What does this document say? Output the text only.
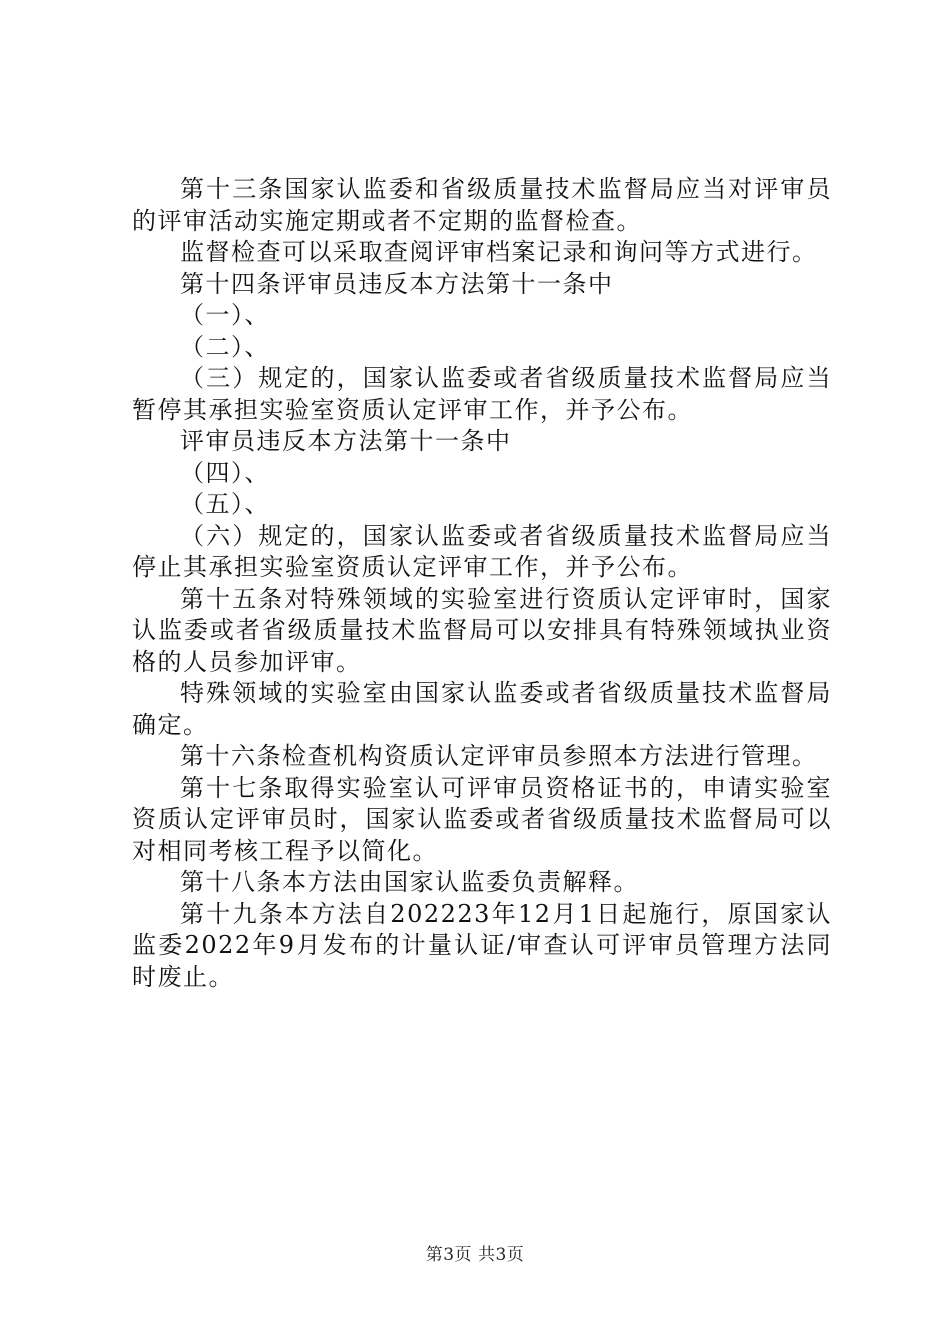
第十三条国家认监委和省级质量技术监督局应当对评审员的评审活动实施定期或者不定期的监督检查。

监督检查可以采取查阅评审档案记录和询问等方式进行。

第十四条评审员违反本方法第十一条中

（一）、

（二）、

（三）规定的，国家认监委或者省级质量技术监督局应当暂停其承担实验室资质认定评审工作，并予公布。

评审员违反本方法第十一条中

（四）、

（五）、

（六）规定的，国家认监委或者省级质量技术监督局应当停止其承担实验室资质认定评审工作，并予公布。

第十五条对特殊领域的实验室进行资质认定评审时，国家认监委或者省级质量技术监督局可以安排具有特殊领域执业资格的人员参加评审。

特殊领域的实验室由国家认监委或者省级质量技术监督局确定。

第十六条检查机构资质认定评审员参照本方法进行管理。

第十七条取得实验室认可评审员资格证书的，申请实验室资质认定评审员时，国家认监委或者省级质量技术监督局可以对相同考核工程予以简化。

第十八条本方法由国家认监委负责解释。

第十九条本方法自202223年12月1日起施行，原国家认监委2022年9月发布的计量认证/审查认可评审员管理方法同时废止。

第3页 共3页
